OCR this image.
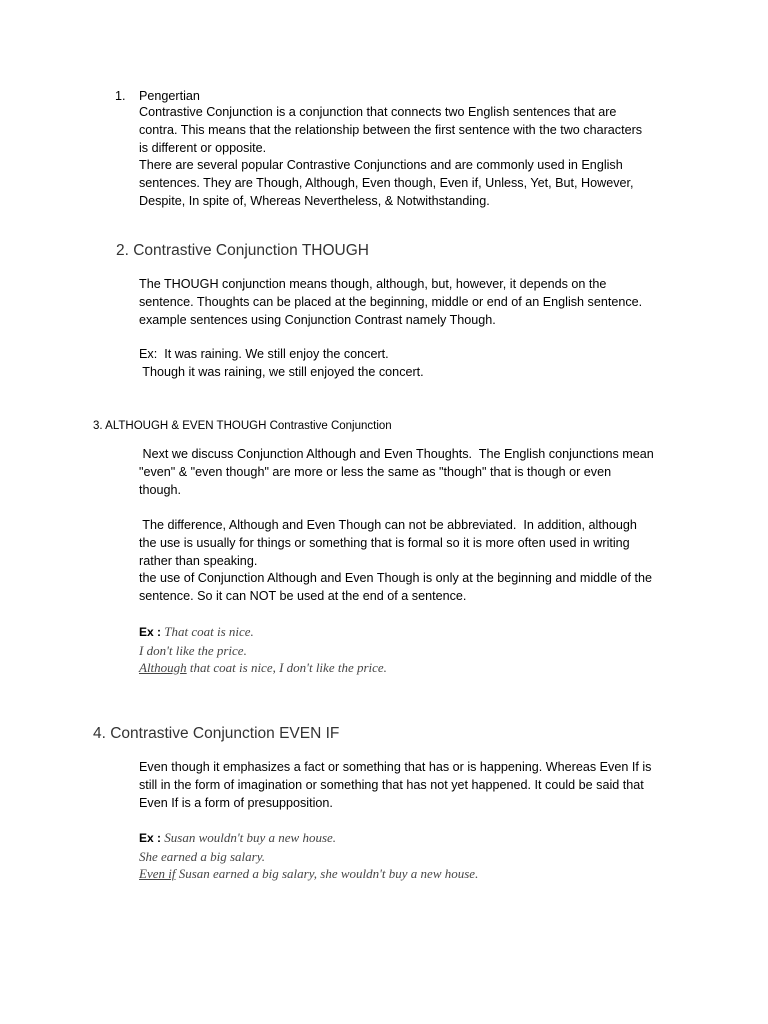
1. Pengertian
Contrastive Conjunction is a conjunction that connects two English sentences that are
contra. This means that the relationship between the first sentence with the two characters
is different or opposite.
There are several popular Contrastive Conjunctions and are commonly used in English
sentences. They are Though, Although, Even though, Even if, Unless, Yet, But, However,
Despite, In spite of, Whereas Nevertheless, & Notwithstanding.
2. Contrastive Conjunction THOUGH
The THOUGH conjunction means though, although, but, however, it depends on the
sentence. Thoughts can be placed at the beginning, middle or end of an English sentence.
example sentences using Conjunction Contrast namely Though.
Ex:  It was raining. We still enjoy the concert.
Though it was raining, we still enjoyed the concert.
3. ALTHOUGH & EVEN THOUGH Contrastive Conjunction
Next we discuss Conjunction Although and Even Thoughts.  The English conjunctions mean
"even" & "even though" are more or less the same as "though" that is though or even
though.
The difference, Although and Even Though can not be abbreviated.  In addition, although
the use is usually for things or something that is formal so it is more often used in writing
rather than speaking.
the use of Conjunction Although and Even Though is only at the beginning and middle of the
sentence. So it can NOT be used at the end of a sentence.
Ex : That coat is nice.
I don't like the price.
Although that coat is nice, I don't like the price.
4. Contrastive Conjunction EVEN IF
Even though it emphasizes a fact or something that has or is happening. Whereas Even If is
still in the form of imagination or something that has not yet happened. It could be said that
Even If is a form of presupposition.
Ex : Susan wouldn't buy a new house.
She earned a big salary.
Even if Susan earned a big salary, she wouldn't buy a new house.
